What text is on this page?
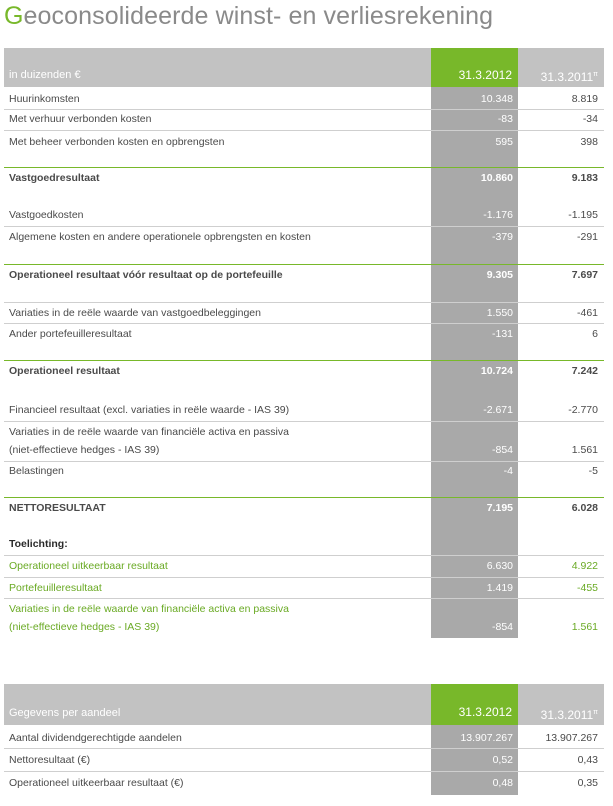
Geoconsolideerde winst- en verliesrekening
in duizenden €	31.3.2012	$31.3.2011^\pi$
Huurinkomsten	10.348	8.819
Met verhuur verbonden kosten	-83	-34
Met beheer verbonden kosten en opbrengsten	595	398
Vastgoedresultaat	10.860	9.183
Vastgoedkosten	-1.176	-1.195
Algemene kosten en andere operationele opbrengsten en kosten	-379	-291
Operationeel resultaat vóór resultaat op de portefeuille	9.305	7.697
Variaties in de reële waarde van vastgoedbeleggingen	1.550	-461
Ander portefeuilleresultaat	-131	6
Operationeel resultaat	10.724	7.242
Financieel resultaat (excl. variaties in reële waarde - IAS 39)	-2.671	-2.770
Variaties in de reële waarde van financiële activa en passiva
(niet-effectieve hedges - IAS 39)	-854	1.561
Belastingen	-4	-5
NETTORESULTAAT	7.195	6.028
Toelichting:
Operationeel uitkeerbaar resultaat	6.630	4.922
Portefeuilleresultaat	1.419	-455
Variaties in de reële waarde van financiële activa en passiva
(niet-effectieve hedges - IAS 39)	-854	1.561
Gegevens per aandeel	31.3.2012	$31.3.2011^\pi$
Aantal dividendgerechtigde aandelen	13.907.267	13.907.267
Nettoresultaat (€)	0,52	0,43
Operationeel uitkeerbaar resultaat (€)	0,48	0,35
